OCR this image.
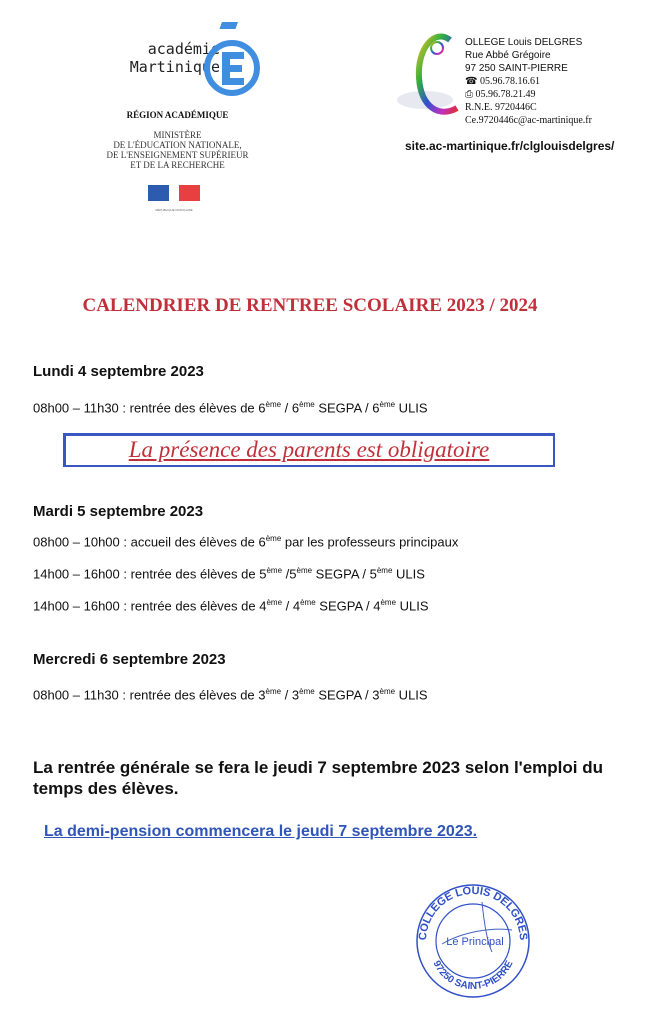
académie
Martinique
RÉGION ACADÉMIQUE
MINISTÈRE
DE L'ÉDUCATION NATIONALE,
DE L'ENSEIGNEMENT SUPÉRIEUR
ET DE LA RECHERCHE
RÉPUBLIQUE FRANÇAISE
OLLEGE Louis DELGRES
Rue Abbé Grégoire
97 250 SAINT-PIERRE
☎ 05.96.78.16.61
⎙ 05.96.78.21.49
R.N.E. 9720446C
Ce.9720446c@ac-martinique.fr
site.ac-martinique.fr/clglouisdelgres/
CALENDRIER DE RENTREE SCOLAIRE 2023 / 2024
Lundi 4 septembre 2023
08h00 – 11h30 : rentrée des élèves de 6ème / 6ème SEGPA / 6ème ULIS
La présence des parents est obligatoire
Mardi 5 septembre 2023
08h00 – 10h00 : accueil des élèves de 6ème par les professeurs principaux
14h00 – 16h00 : rentrée des élèves de 5ème /5ème SEGPA / 5ème ULIS
14h00 – 16h00 : rentrée des élèves de 4ème / 4ème SEGPA / 4ème ULIS
Mercredi 6 septembre 2023
08h00 – 11h30 : rentrée des élèves de 3ème / 3ème SEGPA / 3ème ULIS
La rentrée générale se fera le jeudi 7 septembre 2023 selon l'emploi du temps des élèves.
La demi-pension commencera le jeudi 7 septembre 2023.
COLLÈGE LOUIS DELGRES
97250 SAINT-PIERRE
Le Principal
